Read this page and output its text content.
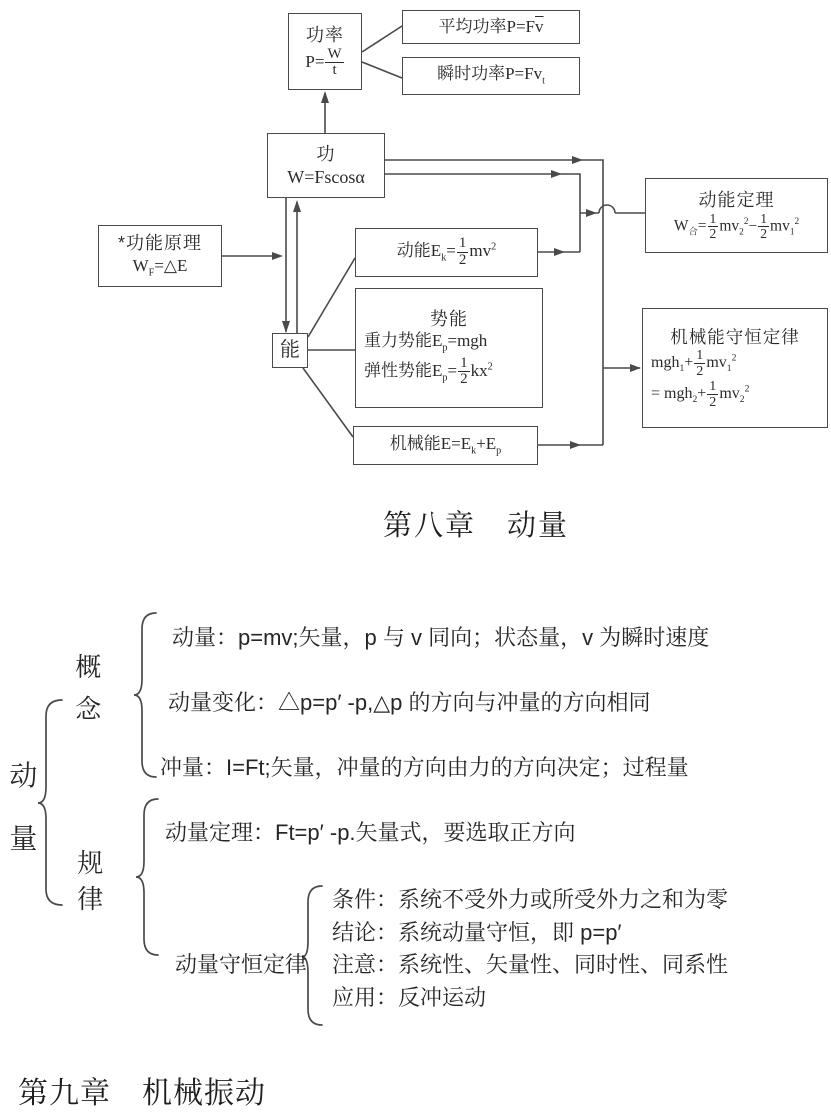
功率
$P= \frac{W}{t}$
平均功率$P=F\overline{v}$
瞬时功率$P=Fv_t$
功
W=Fscosα
*功能原理
$W_F=\triangle E$
能
动能$E_k= \frac{1}{2} mv^2$
势能
重力势能$E_p=mgh$
弹性势能$E_p= \frac{1}{2} kx^2$
机械能$E=E_k+E_p$
动能定理
$W_合= \frac{1}{2} mv_2^2- \frac{1}{2} mv_1^2$
机械能守恒定律
$mgh_1+ \frac{1}{2} mv_1^2$
= $mgh_2+ \frac{1}{2} mv_2^2$
第八章　动量
动量
概念
规律
动量：p=mv;矢量，p 与 v 同向；状态量，v 为瞬时速度
动量变化：△p=p′ -p,△p 的方向与冲量的方向相同
冲量：I=Ft;矢量，冲量的方向由力的方向决定；过程量
动量定理：Ft=p′ -p.矢量式，要选取正方向
动量守恒定律
条件：系统不受外力或所受外力之和为零
结论：系统动量守恒，即 p=p′
注意：系统性、矢量性、同时性、同系性
应用：反冲运动
第九章　机械振动
